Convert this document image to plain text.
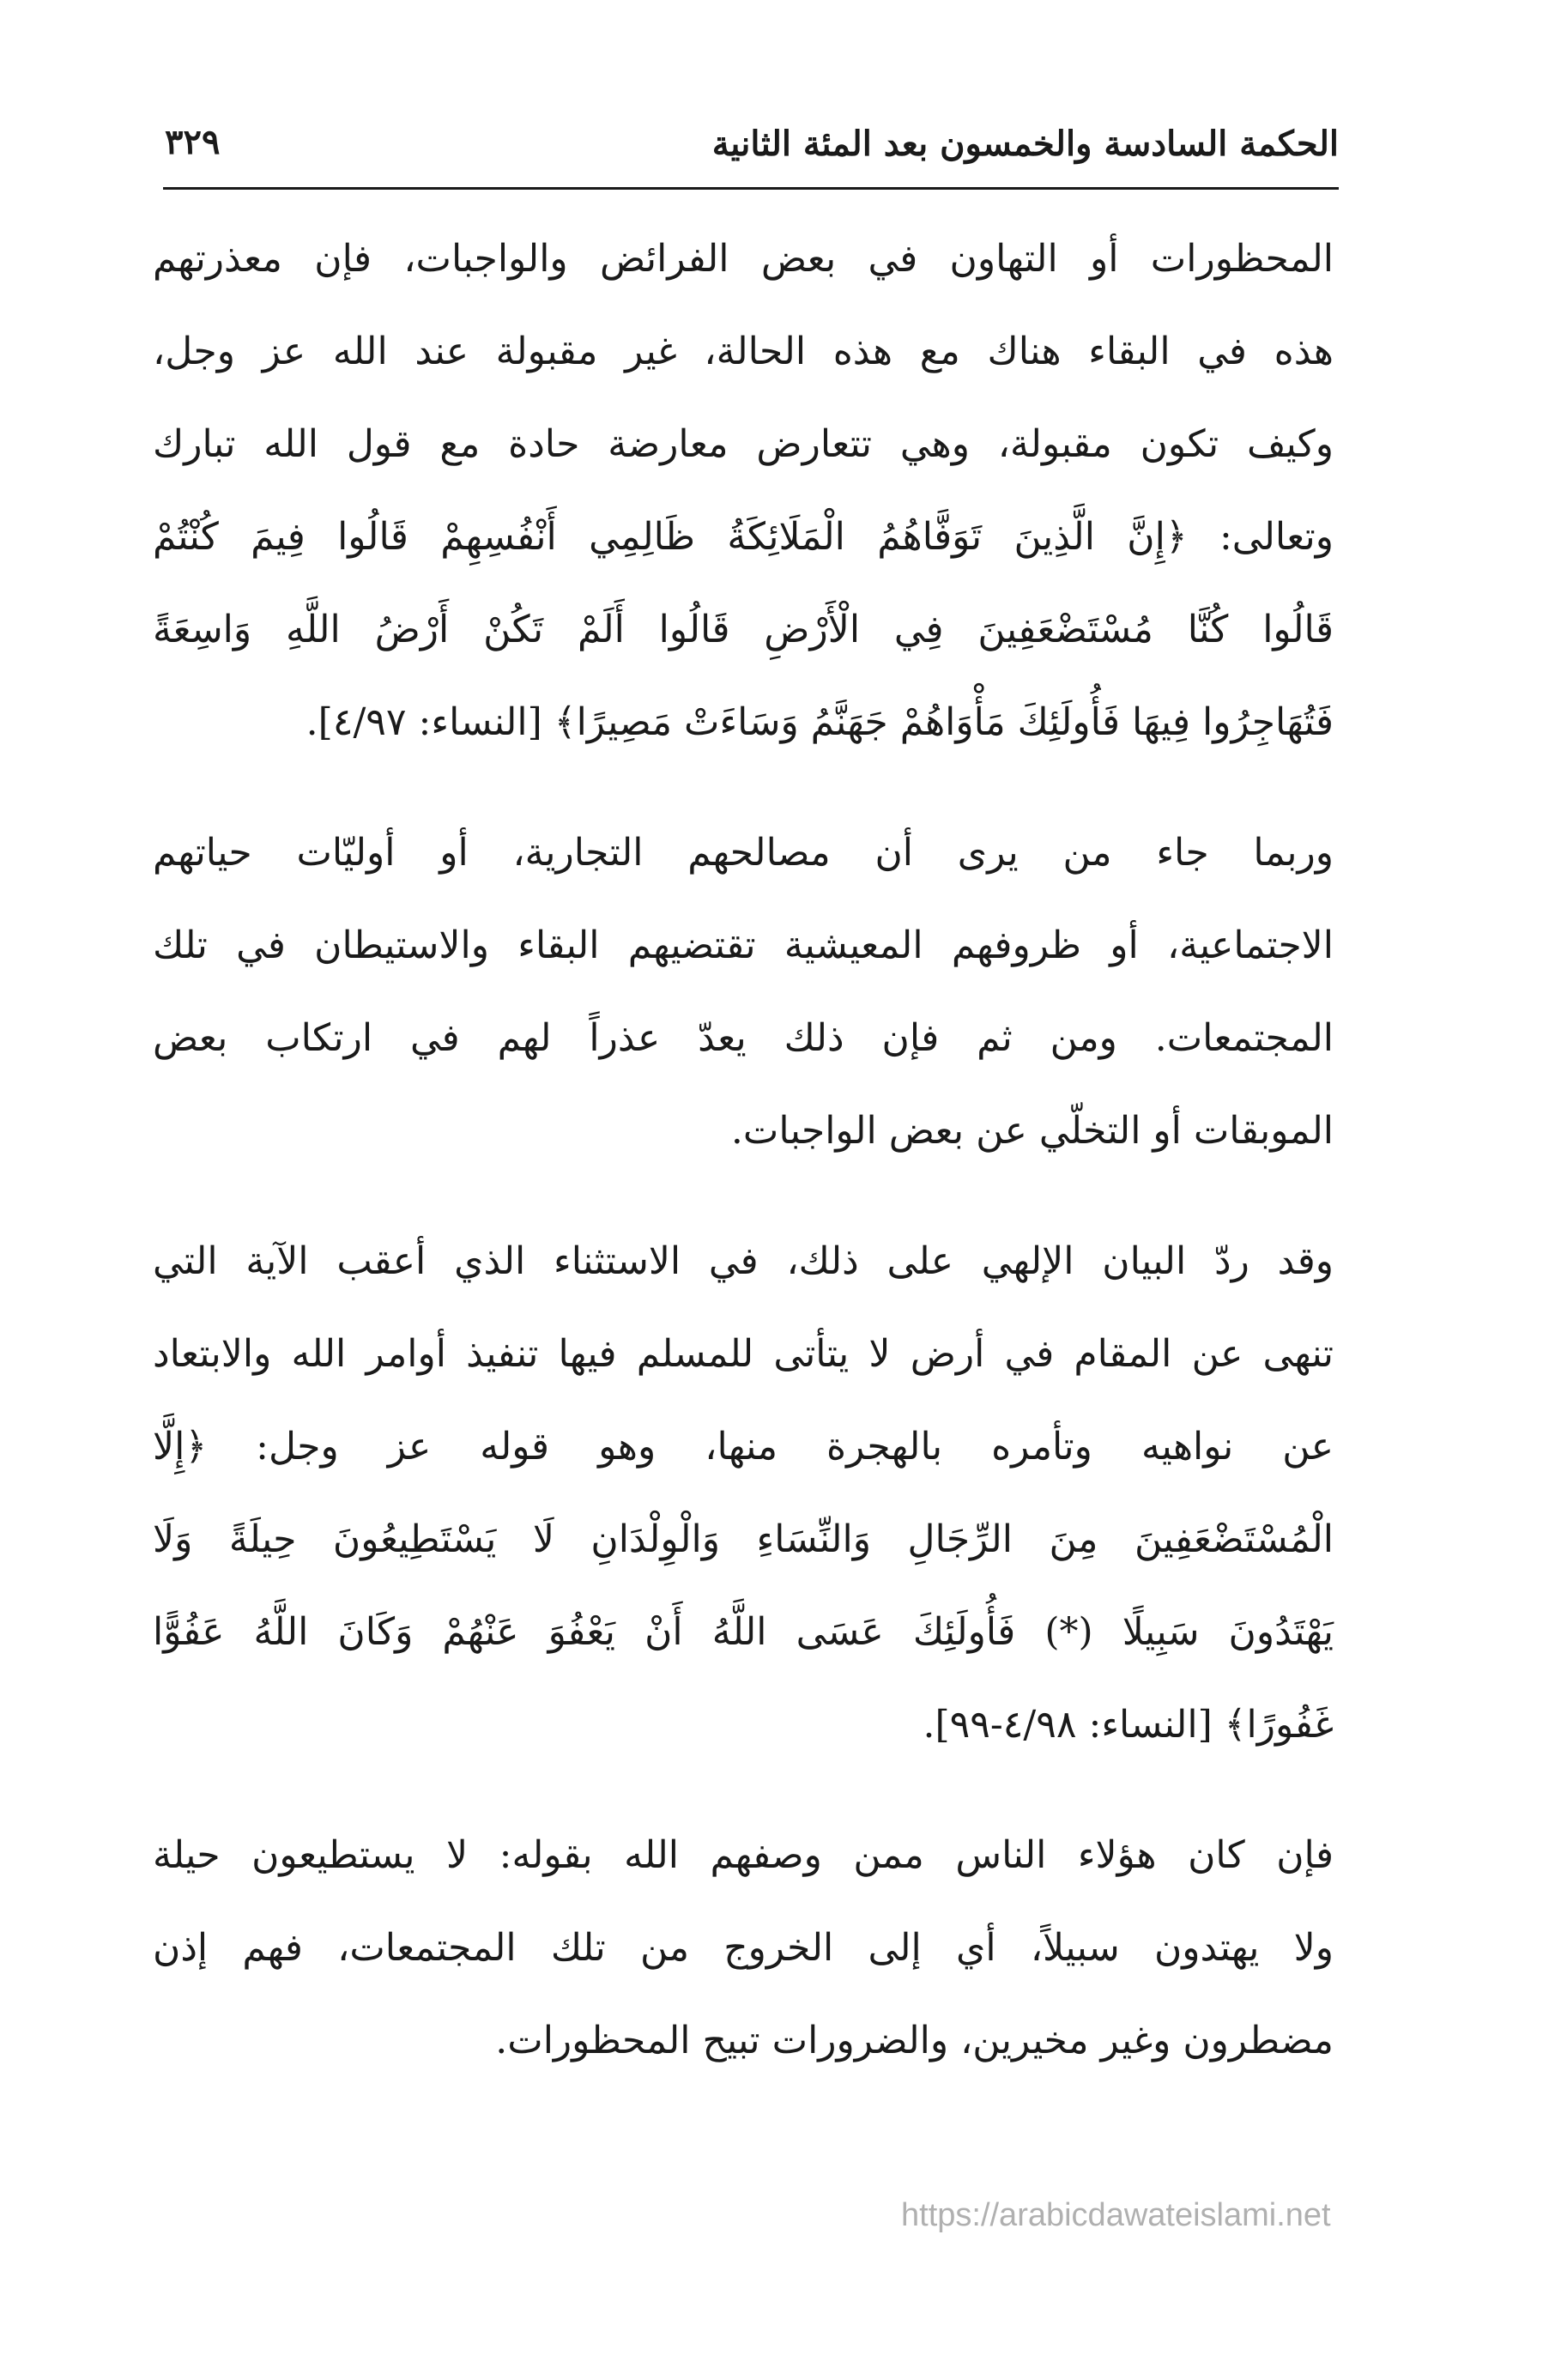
الحكمة السادسة والخمسون بعد المئة الثانية
٣٢٩
المحظورات أو التهاون في بعض الفرائض والواجبات، فإن معذرتهم
هذه في البقاء هناك مع هذه الحالة، غير مقبولة عند الله عز وجل،
وكيف تكون مقبولة، وهي تتعارض معارضة حادة مع قول الله تبارك
وتعالى: ﴿إِنَّ الَّذِينَ تَوَفَّاهُمُ الْمَلَائِكَةُ ظَالِمِي أَنْفُسِهِمْ قَالُوا فِيمَ كُنْتُمْ
قَالُوا كُنَّا مُسْتَضْعَفِينَ فِي الْأَرْضِ قَالُوا أَلَمْ تَكُنْ أَرْضُ اللَّهِ وَاسِعَةً
فَتُهَاجِرُوا فِيهَا فَأُولَئِكَ مَأْوَاهُمْ جَهَنَّمُ وَسَاءَتْ مَصِيرًا﴾ [النساء: ٤/٩٧].
وربما جاء من يرى أن مصالحهم التجارية، أو أوليّات حياتهم
الاجتماعية، أو ظروفهم المعيشية تقتضيهم البقاء والاستيطان في تلك
المجتمعات. ومن ثم فإن ذلك يعدّ عذراً لهم في ارتكاب بعض
الموبقات أو التخلّي عن بعض الواجبات.
وقد ردّ البيان الإلهي على ذلك، في الاستثناء الذي أعقب الآية التي
تنهى عن المقام في أرض لا يتأتى للمسلم فيها تنفيذ أوامر الله والابتعاد
عن نواهيه وتأمره بالهجرة منها، وهو قوله عز وجل: ﴿إِلَّا
الْمُسْتَضْعَفِينَ مِنَ الرِّجَالِ وَالنِّسَاءِ وَالْوِلْدَانِ لَا يَسْتَطِيعُونَ حِيلَةً وَلَا
يَهْتَدُونَ سَبِيلًا (*) فَأُولَئِكَ عَسَى اللَّهُ أَنْ يَعْفُوَ عَنْهُمْ وَكَانَ اللَّهُ عَفُوًّا
غَفُورًا﴾ [النساء: ٤/٩٨-٩٩].
فإن كان هؤلاء الناس ممن وصفهم الله بقوله: لا يستطيعون حيلة
ولا يهتدون سبيلاً، أي إلى الخروج من تلك المجتمعات، فهم إذن
مضطرون وغير مخيرين، والضرورات تبيح المحظورات.
https://arabicdawateislami.net
